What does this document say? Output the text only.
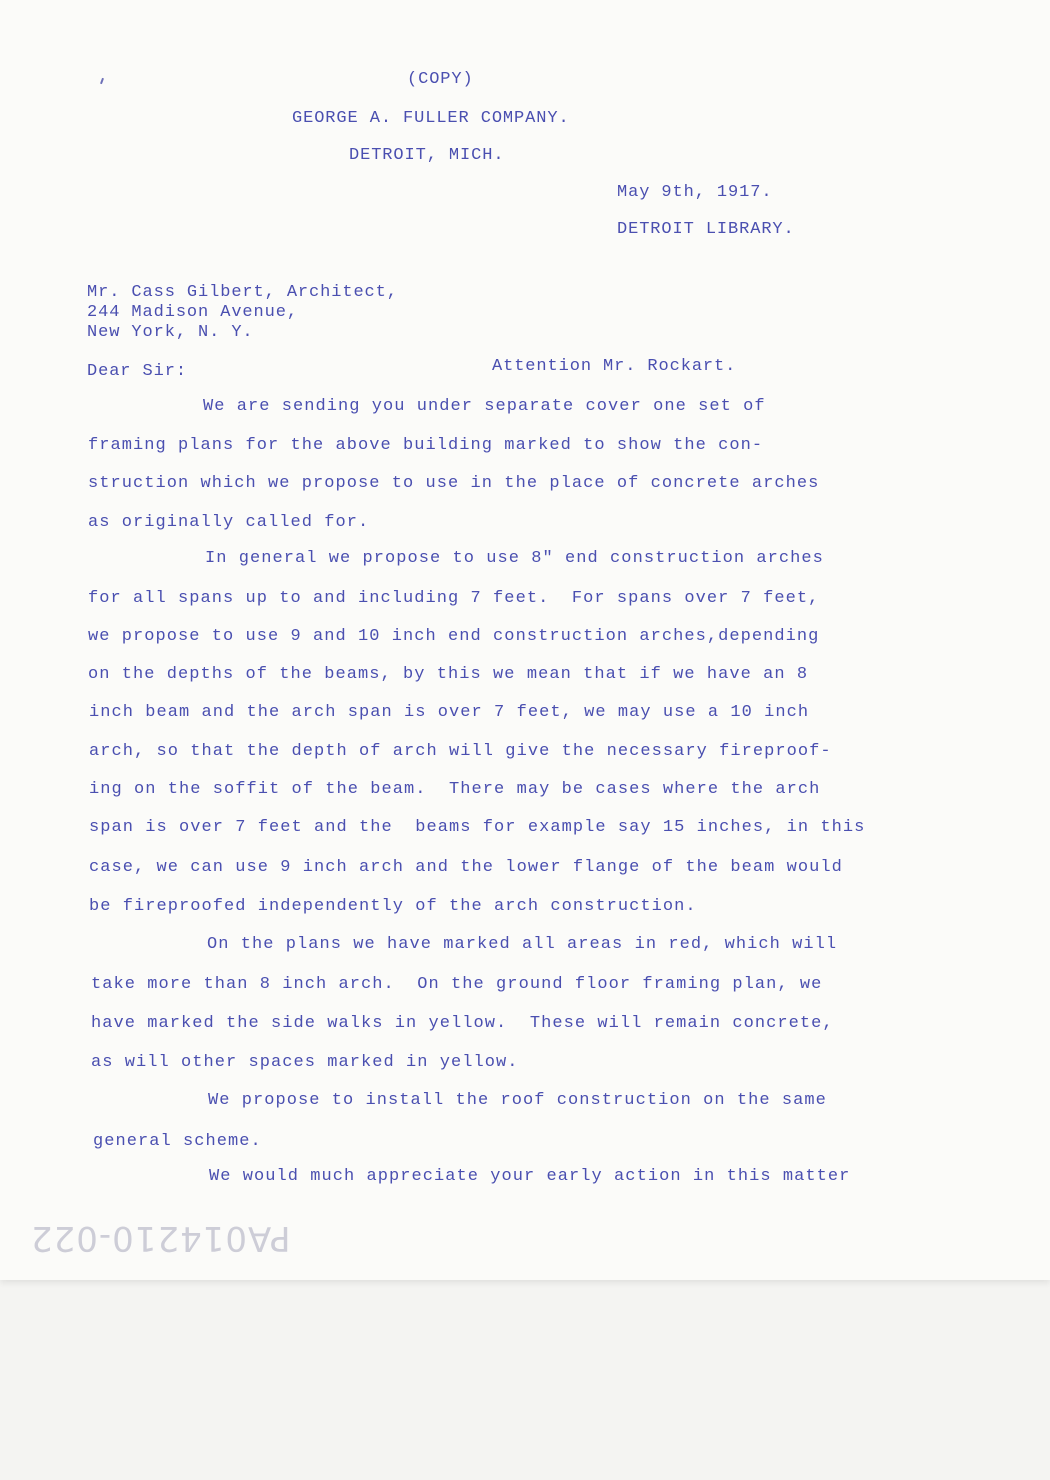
(COPY)
GEORGE A. FULLER COMPANY.
DETROIT, MICH.
May 9th, 1917.
DETROIT LIBRARY.
Mr. Cass Gilbert, Architect,
244 Madison Avenue,
New York, N. Y.
Dear Sir:	Attention Mr. Rockart.
We are sending you under separate cover one set of
framing plans for the above building marked to show the con-
struction which we propose to use in the place of concrete arches
as originally called for.
In general we propose to use 8" end construction arches
for all spans up to and including 7 feet.  For spans over 7 feet,
we propose to use 9 and 10 inch end construction arches,depending
on the depths of the beams, by this we mean that if we have an 8
inch beam and the arch span is over 7 feet, we may use a 10 inch
arch, so that the depth of arch will give the necessary fireproof-
ing on the soffit of the beam.  There may be cases where the arch
span is over 7 feet and the  beams for example say 15 inches, in this
case, we can use 9 inch arch and the lower flange of the beam would
be fireproofed independently of the arch construction.
On the plans we have marked all areas in red, which will
take more than 8 inch arch.  On the ground floor framing plan, we
have marked the side walks in yellow.  These will remain concrete,
as will other spaces marked in yellow.
We propose to install the roof construction on the same
general scheme.
We would much appreciate your early action in this matter
PA014210-022
